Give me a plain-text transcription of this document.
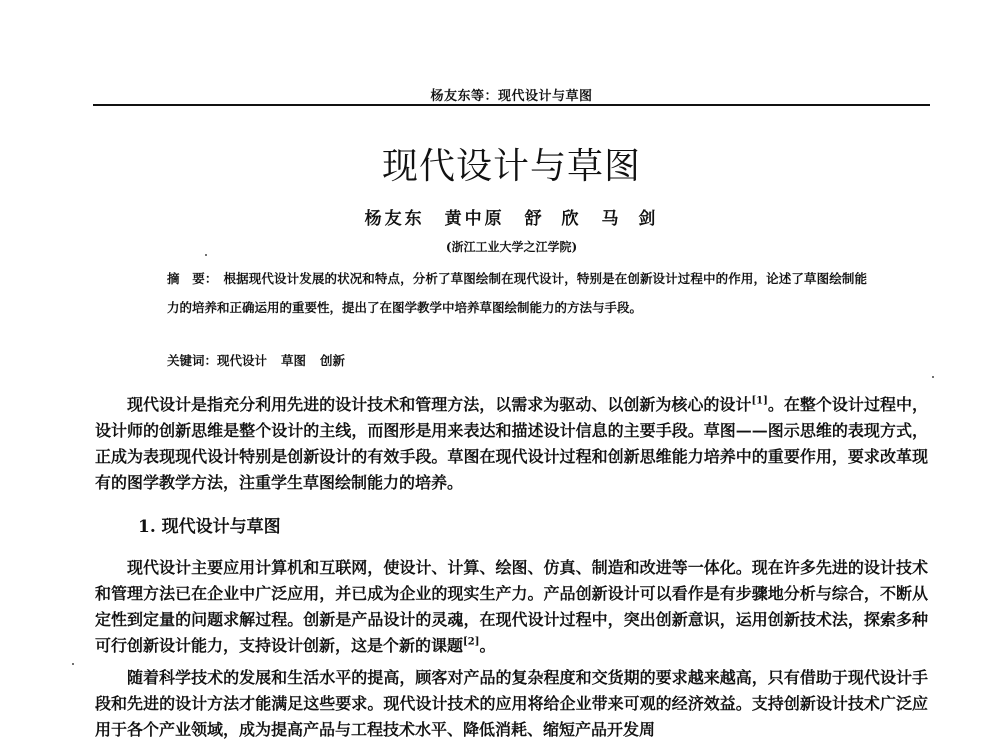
杨友东等：现代设计与草图
现代设计与草图
杨友东　黄中原　舒 欣　马 剑
(浙江工业大学之江学院)
摘　要： 根据现代设计发展的状况和特点，分析了草图绘制在现代设计，特别是在创新设计过程中的作用，论述了草图绘制能力的培养和正确运用的重要性，提出了在图学教学中培养草图绘制能力的方法与手段。
关键词：现代设计 草图 创新

现代设计是指充分利用先进的设计技术和管理方法，以需求为驱动、以创新为核心的设计[1]。在整个设计过程中，设计师的创新思维是整个设计的主线，而图形是用来表达和描述设计信息的主要手段。草图——图示思维的表现方式，正成为表现现代设计特别是创新设计的有效手段。草图在现代设计过程和创新思维能力培养中的重要作用，要求改革现有的图学教学方法，注重学生草图绘制能力的培养。

1. 现代设计与草图

现代设计主要应用计算机和互联网，使设计、计算、绘图、仿真、制造和改进等一体化。现在许多先进的设计技术和管理方法已在企业中广泛应用，并已成为企业的现实生产力。产品创新设计可以看作是有步骤地分析与综合，不断从定性到定量的问题求解过程。创新是产品设计的灵魂，在现代设计过程中，突出创新意识，运用创新技术法，探索多种可行创新设计能力，支持设计创新，这是个新的课题[2]。

随着科学技术的发展和生活水平的提高，顾客对产品的复杂程度和交货期的要求越来越高，只有借助于现代设计手段和先进的设计方法才能满足这些要求。现代设计技术的应用将给企业带来可观的经济效益。支持创新设计技术广泛应用于各个产业领域，成为提高产品与工程技术水平、降低消耗、缩短产品开发周
